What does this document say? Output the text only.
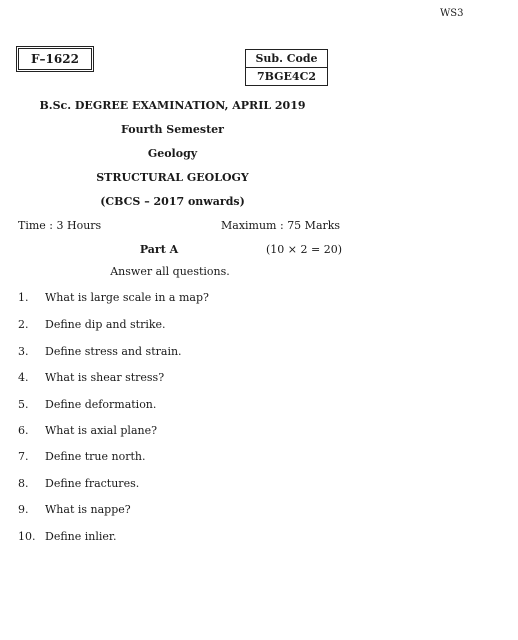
WS3
F–1622	Sub. Code
7BGE4C2
B.Sc. DEGREE EXAMINATION, APRIL 2019
Fourth Semester
Geology
STRUCTURAL GEOLOGY
(CBCS – 2017 onwards)
Time : 3 Hours	Maximum : 75 Marks
Part A	(10 × 2 = 20)
Answer all questions.
1. What is large scale in a map?
2. Define dip and strike.
3. Define stress and strain.
4. What is shear stress?
5. Define deformation.
6. What is axial plane?
7. Define true north.
8. Define fractures.
9. What is nappe?
10. Define inlier.
